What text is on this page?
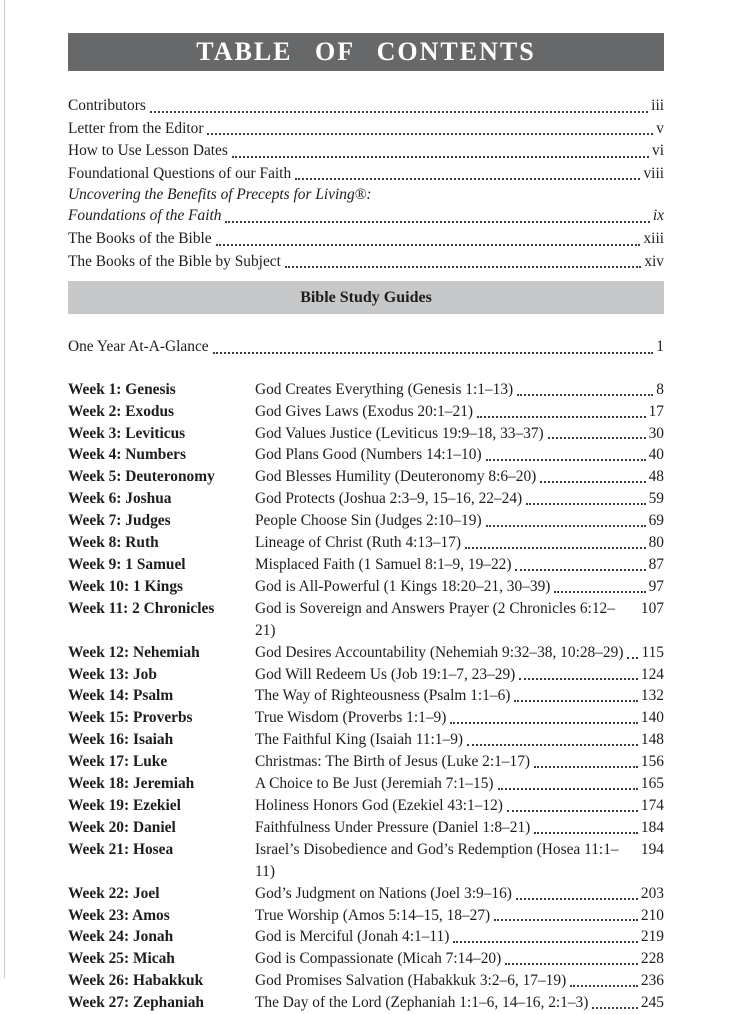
TABLE OF CONTENTS
Contributors	iii
Letter from the Editor	v
How to Use Lesson Dates	vi
Foundational Questions of our Faith	viii
Uncovering the Benefits of Precepts for Living®:
Foundations of the Faith	ix
The Books of the Bible	xiii
The Books of the Bible by Subject	xiv
Bible Study Guides
One Year At-A-Glance	1
Week 1: Genesis	God Creates Everything (Genesis 1:1–13)	8
Week 2: Exodus	God Gives Laws (Exodus 20:1–21)	17
Week 3: Leviticus	God Values Justice (Leviticus 19:9–18, 33–37)	30
Week 4: Numbers	God Plans Good (Numbers 14:1–10)	40
Week 5: Deuteronomy	God Blesses Humility (Deuteronomy 8:6–20)	48
Week 6: Joshua	God Protects (Joshua 2:3–9, 15–16, 22–24)	59
Week 7: Judges	People Choose Sin (Judges 2:10–19)	69
Week 8: Ruth	Lineage of Christ (Ruth 4:13–17)	80
Week 9: 1 Samuel	Misplaced Faith (1 Samuel 8:1–9, 19–22)	87
Week 10: 1 Kings	God is All-Powerful (1 Kings 18:20–21, 30–39)	97
Week 11: 2 Chronicles	God is Sovereign and Answers Prayer (2 Chronicles 6:12–21)
107
Week 12: Nehemiah	God Desires Accountability (Nehemiah 9:32–38, 10:28–29) 115
Week 13: Job	God Will Redeem Us (Job 19:1–7, 23–29)	124
Week 14: Psalm	The Way of Righteousness (Psalm 1:1–6)	132
Week 15: Proverbs	True Wisdom (Proverbs 1:1–9)	140
Week 16: Isaiah	The Faithful King (Isaiah 11:1–9)	148
Week 17: Luke	Christmas: The Birth of Jesus (Luke 2:1–17)	156
Week 18: Jeremiah	A Choice to Be Just (Jeremiah 7:1–15)	165
Week 19: Ezekiel	Holiness Honors God (Ezekiel 43:1–12)	174
Week 20: Daniel	Faithfulness Under Pressure (Daniel 1:8–21)	184
Week 21: Hosea	Israel’s Disobedience and God’s Redemption (Hosea 11:1–11)
194
Week 22: Joel	God’s Judgment on Nations (Joel 3:9–16)	203
Week 23: Amos	True Worship (Amos 5:14–15, 18–27)	210
Week 24: Jonah	God is Merciful (Jonah 4:1–11)	219
Week 25: Micah	God is Compassionate (Micah 7:14–20)	228
Week 26: Habakkuk	God Promises Salvation (Habakkuk 3:2–6, 17–19)	236
Week 27: Zephaniah	The Day of the Lord (Zephaniah 1:1–6, 14–16, 2:1–3)	245
